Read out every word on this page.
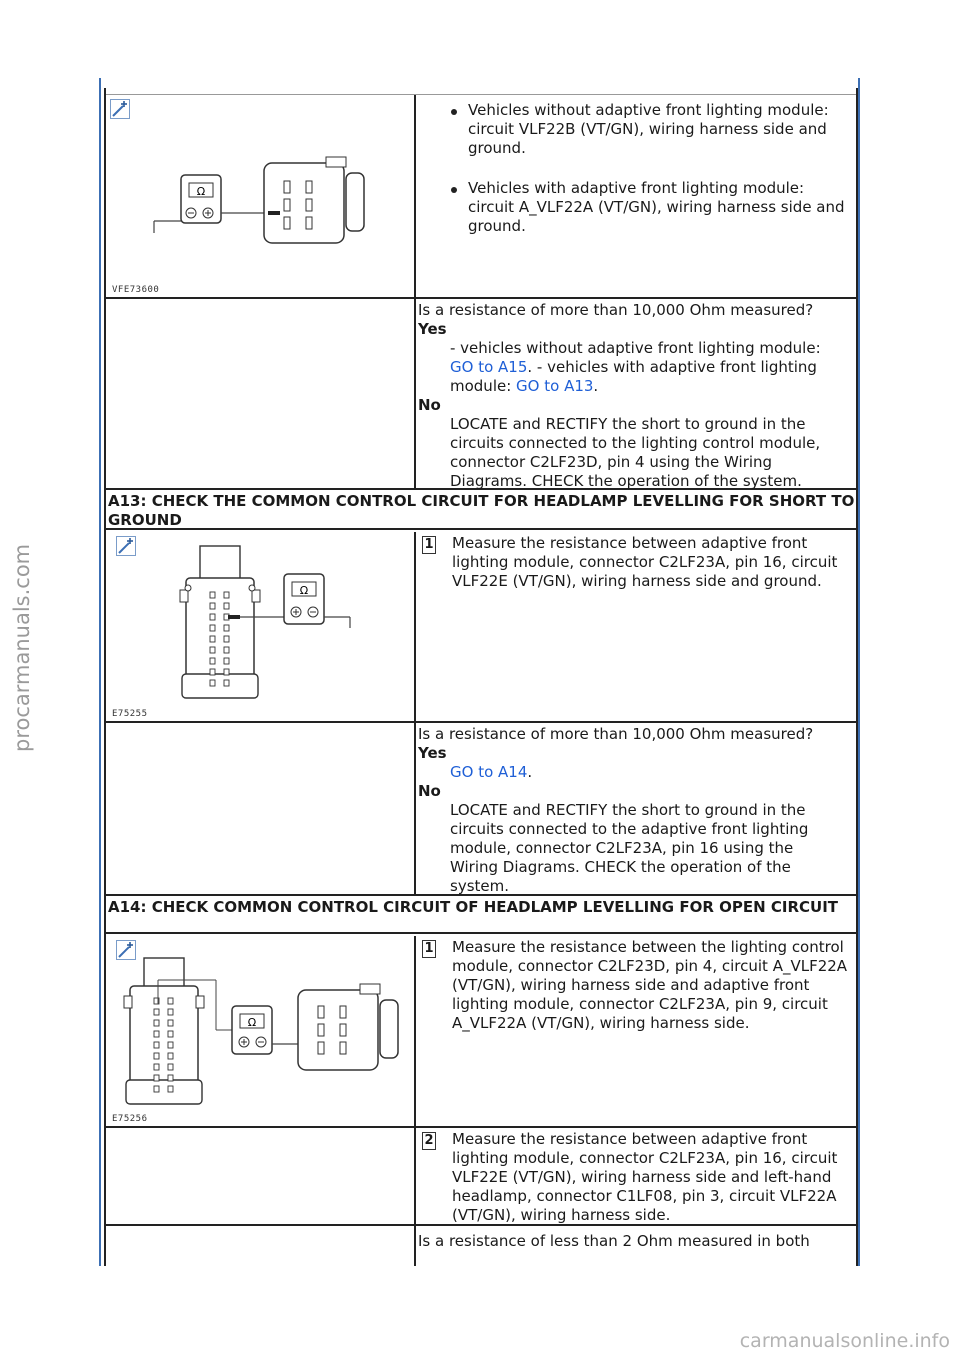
procarmanuals.com
carmanualsonline.info
Ω
VFE73600
Vehicles without adaptive front lighting module: circuit VLF22B (VT/GN), wiring harness side and ground.
Vehicles with adaptive front lighting module: circuit A_VLF22A (VT/GN), wiring harness side and ground.
Is a resistance of more than 10,000 Ohm measured?
Yes
- vehicles without adaptive front lighting module: GO to A15. - vehicles with adaptive front lighting module: GO to A13.
No
LOCATE and RECTIFY the short to ground in the circuits connected to the lighting control module, connector C2LF23D, pin 4 using the Wiring Diagrams. CHECK the operation of the system.
A13: CHECK THE COMMON CONTROL CIRCUIT FOR HEADLAMP LEVELLING FOR SHORT TO GROUND
Ω
E75255
1 Measure the resistance between adaptive front lighting module, connector C2LF23A, pin 16, circuit VLF22E (VT/GN), wiring harness side and ground.
Is a resistance of more than 10,000 Ohm measured?
Yes
GO to A14.
No
LOCATE and RECTIFY the short to ground in the circuits connected to the adaptive front lighting module, connector C2LF23A, pin 16 using the Wiring Diagrams. CHECK the operation of the system.
A14: CHECK COMMON CONTROL CIRCUIT OF HEADLAMP LEVELLING FOR OPEN CIRCUIT
Ω
E75256
1 Measure the resistance between the lighting control module, connector C2LF23D, pin 4, circuit A_VLF22A (VT/GN), wiring harness side and adaptive front lighting module, connector C2LF23A, pin 9, circuit A_VLF22A (VT/GN), wiring harness side.
2 Measure the resistance between adaptive front lighting module, connector C2LF23A, pin 16, circuit VLF22E (VT/GN), wiring harness side and left-hand headlamp, connector C1LF08, pin 3, circuit VLF22A (VT/GN), wiring harness side.
Is a resistance of less than 2 Ohm measured in both
